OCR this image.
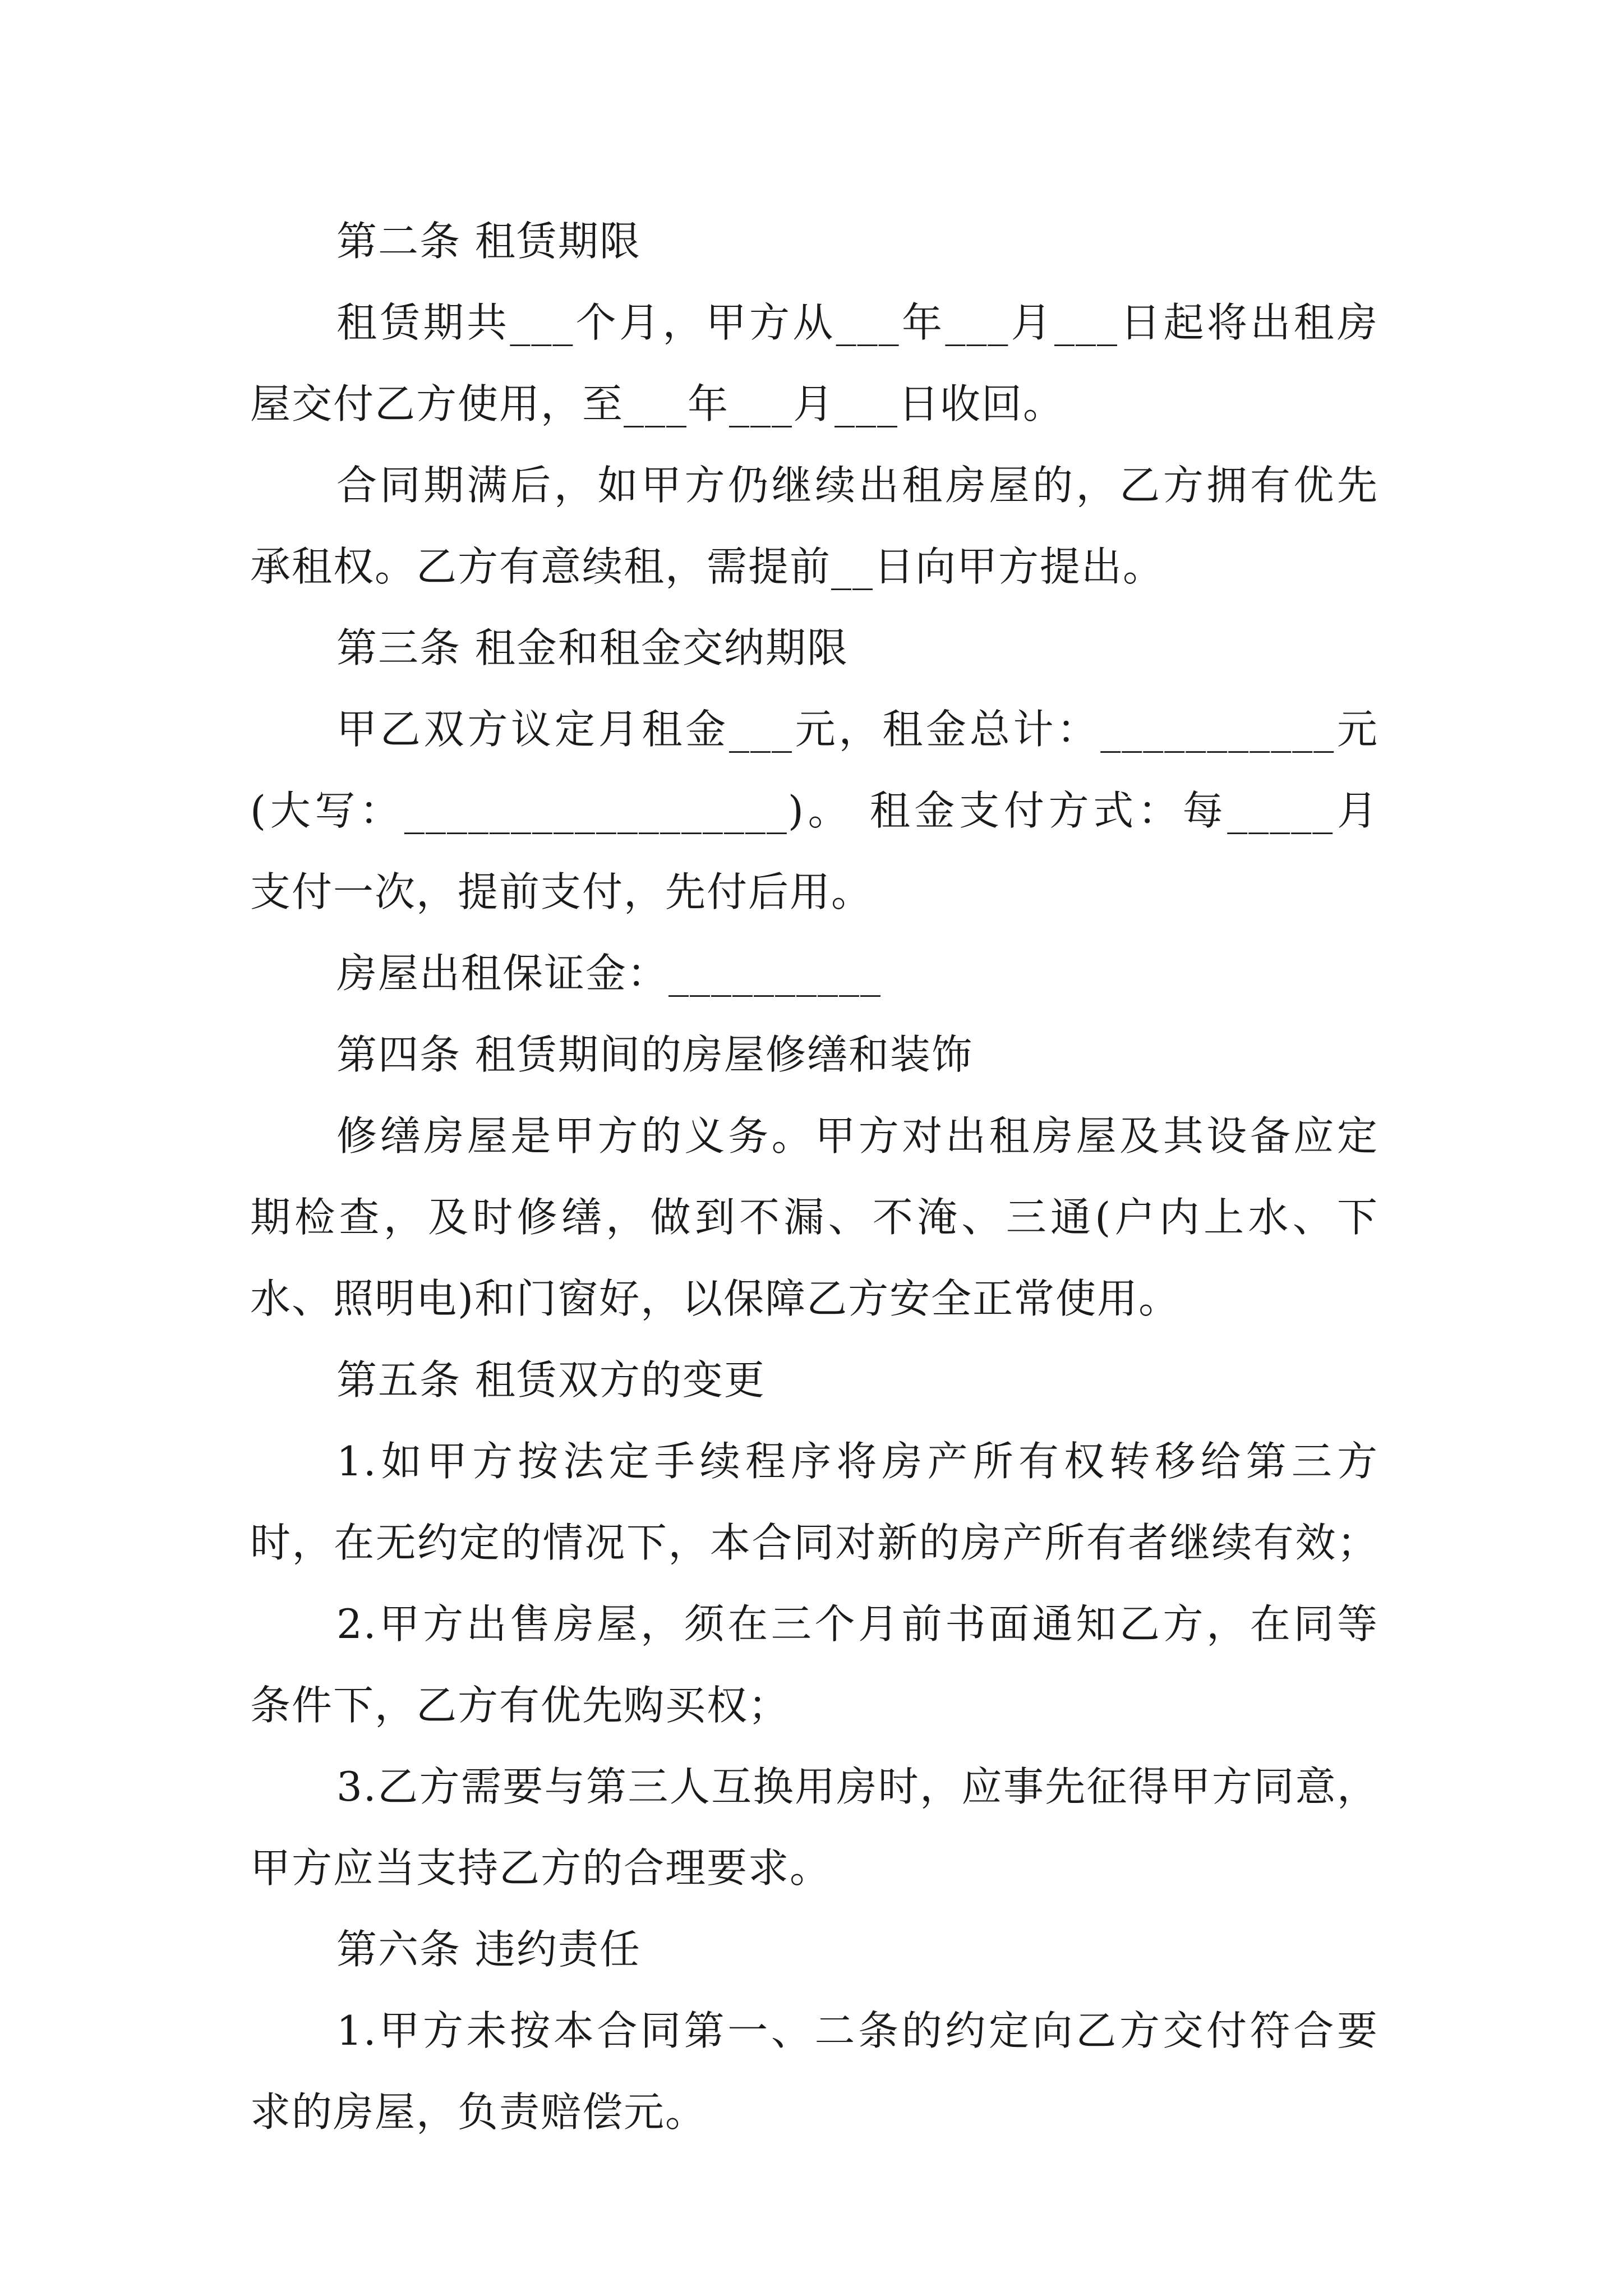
第二条 租赁期限
租赁期共___个月，甲方从___年___月___日起将出租房
屋交付乙方使用，至___年___月___日收回。
合同期满后，如甲方仍继续出租房屋的，乙方拥有优先
承租权。乙方有意续租，需提前__日向甲方提出。
第三条 租金和租金交纳期限
甲乙双方议定月租金___元，租金总计：___________元
(大写：__________________)。 租金支付方式：每_____月
支付一次，提前支付，先付后用。
房屋出租保证金：__________
第四条 租赁期间的房屋修缮和装饰
修缮房屋是甲方的义务。甲方对出租房屋及其设备应定
期检查，及时修缮，做到不漏、不淹、三通(户内上水、下
水、照明电)和门窗好，以保障乙方安全正常使用。
第五条 租赁双方的变更
1.如甲方按法定手续程序将房产所有权转移给第三方
时，在无约定的情况下，本合同对新的房产所有者继续有效；
2.甲方出售房屋，须在三个月前书面通知乙方，在同等
条件下，乙方有优先购买权；
3.乙方需要与第三人互换用房时，应事先征得甲方同意，
甲方应当支持乙方的合理要求。
第六条 违约责任
1.甲方未按本合同第一、二条的约定向乙方交付符合要
求的房屋，负责赔偿元。
